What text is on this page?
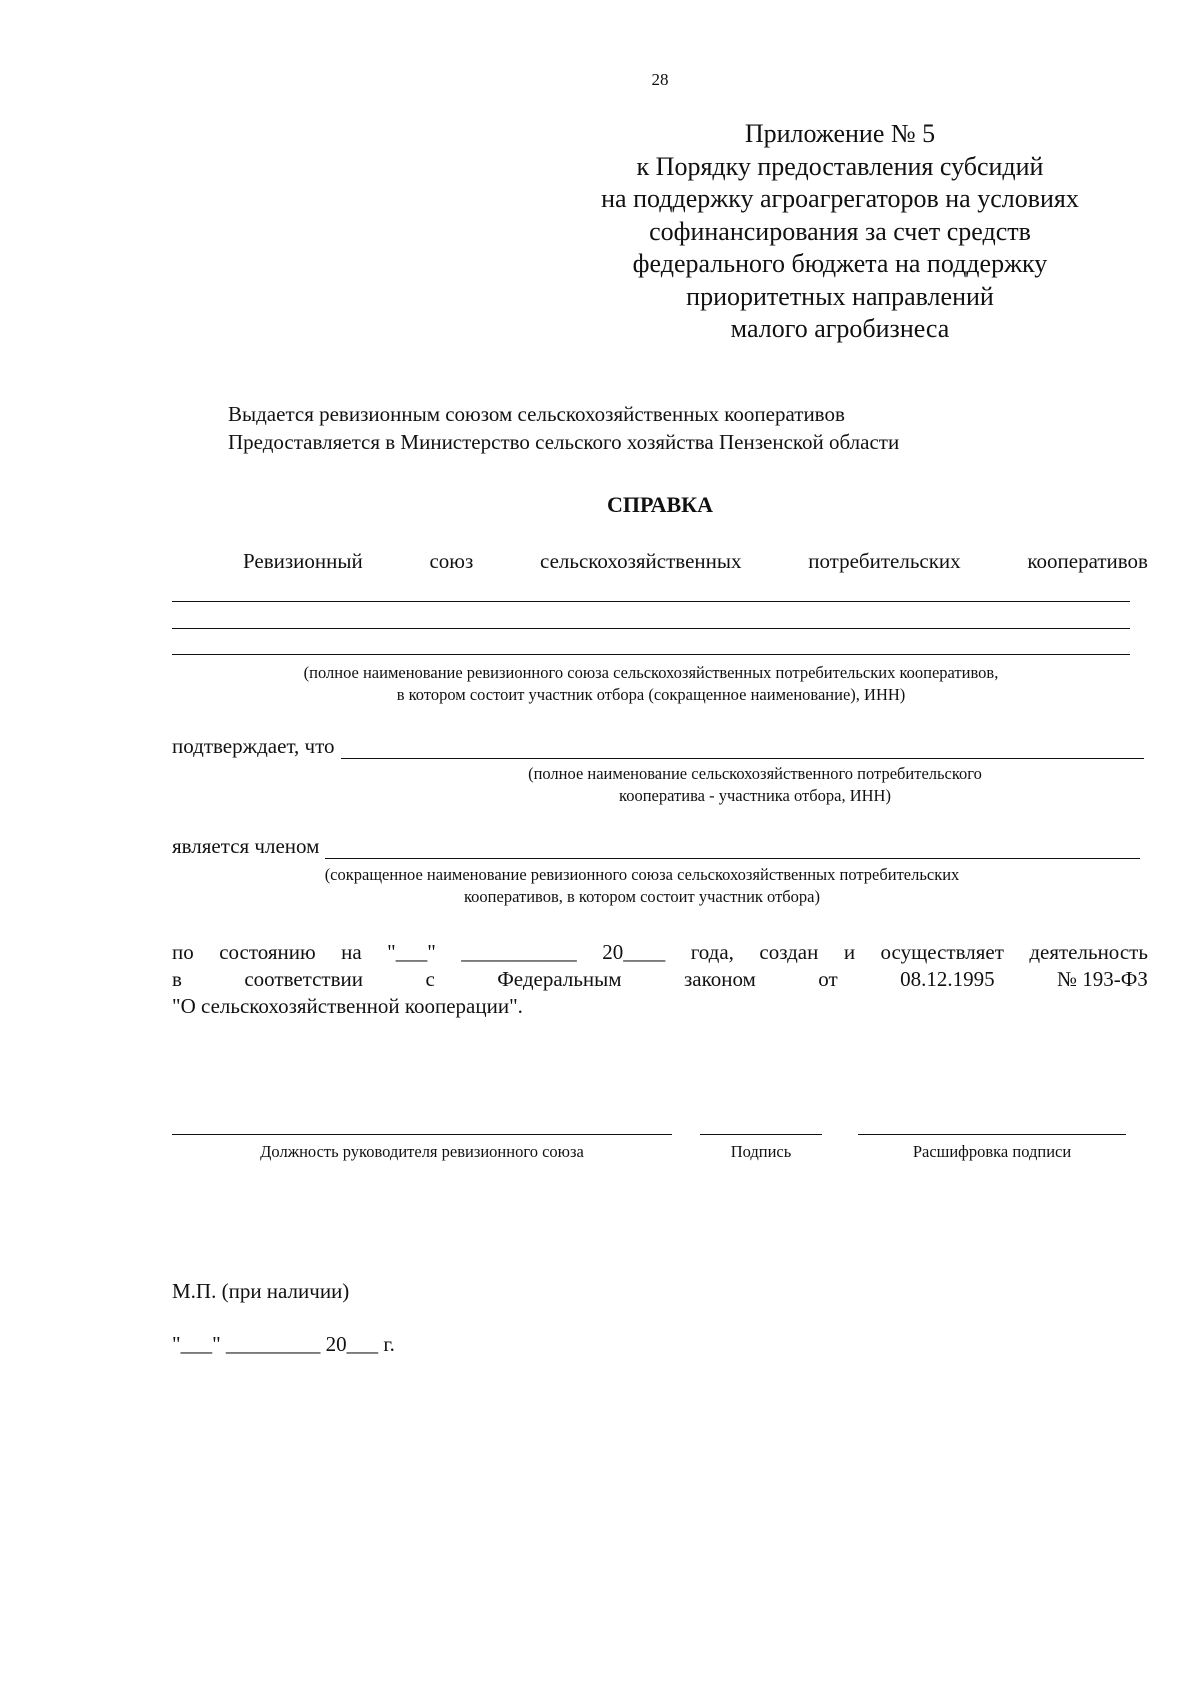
28
Приложение № 5
к Порядку предоставления субсидий
на поддержку агроагрегаторов на условиях
софинансирования за счет средств
федерального бюджета на поддержку
приоритетных направлений
малого агробизнеса
Выдается ревизионным союзом сельскохозяйственных кооперативов
Предоставляется в Министерство сельского хозяйства Пензенской области
СПРАВКА
Ревизионный	союз	сельскохозяйственных	потребительских	кооперативов
(полное наименование ревизионного союза сельскохозяйственных потребительских кооперативов,
в котором состоит участник отбора (сокращенное наименование), ИНН)
подтверждает, что
(полное наименование сельскохозяйственного потребительского
кооператива - участника отбора, ИНН)
является членом
(сокращенное наименование ревизионного союза сельскохозяйственных потребительских
кооперативов, в котором состоит участник отбора)
по состоянию на "___" ___________ 20____ года, создан и осуществляет деятельность
в	соответствии	с	Федеральным	законом	от	08.12.1995	№ 193-ФЗ
"О сельскохозяйственной кооперации".
Должность руководителя ревизионного союза	Подпись	Расшифровка подписи
М.П. (при наличии)
"___" _________ 20___ г.
